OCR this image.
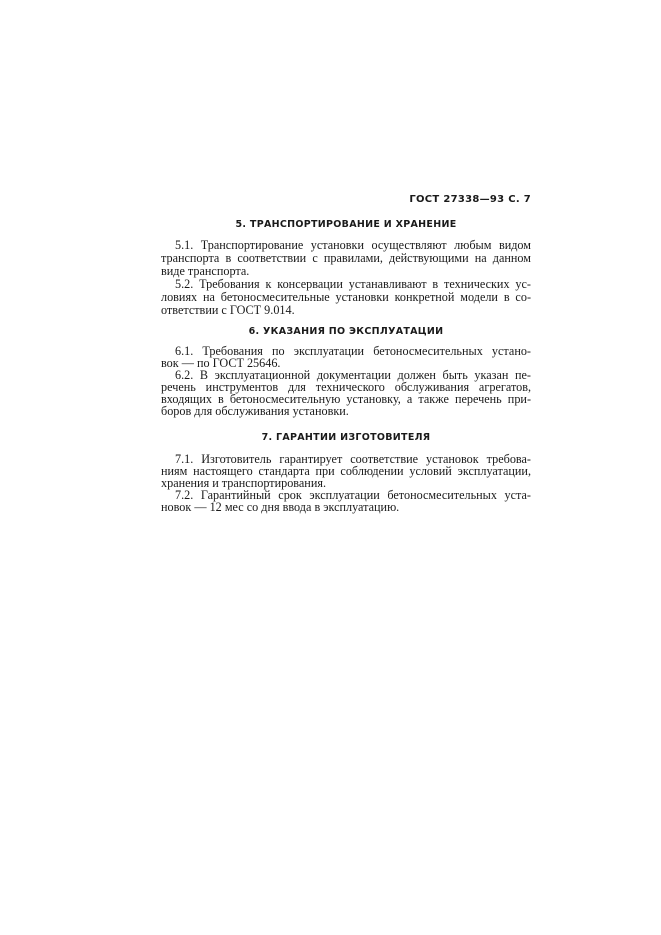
ГОСТ 27338—93 С. 7
5. ТРАНСПОРТИРОВАНИЕ И ХРАНЕНИЕ
5.1. Транспортирование установки осуществляют любым видом
транспорта в соответствии с правилами, действующими на данном
виде транспорта.
5.2. Требования к консервации устанавливают в технических ус-
ловиях на бетоносмесительные установки конкретной модели в со-
ответствии с ГОСТ 9.014.
6. УКАЗАНИЯ ПО ЭКСПЛУАТАЦИИ
6.1. Требования по эксплуатации бетоносмесительных устано-
вок — по ГОСТ 25646.
6.2. В эксплуатационной документации должен быть указан пе-
речень инструментов для технического обслуживания агрегатов,
входящих в бетоносмесительную установку, а также перечень при-
боров для обслуживания установки.
7. ГАРАНТИИ ИЗГОТОВИТЕЛЯ
7.1. Изготовитель гарантирует соответствие установок требова-
ниям настоящего стандарта при соблюдении условий эксплуатации,
хранения и транспортирования.
7.2. Гарантийный срок эксплуатации бетоносмесительных уста-
новок — 12 мес со дня ввода в эксплуатацию.
